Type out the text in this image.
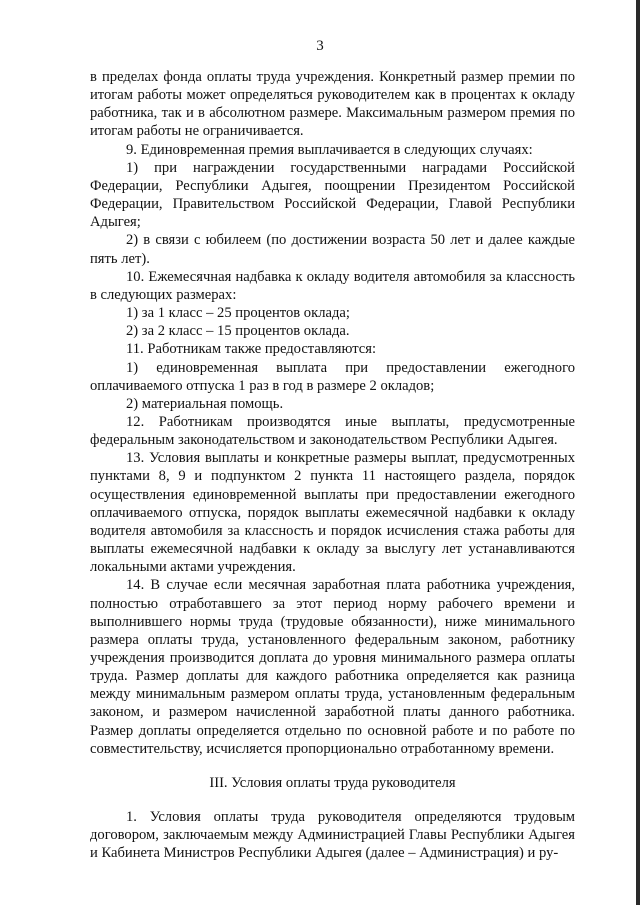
3

в пределах фонда оплаты труда учреждения. Конкретный размер премии по итогам работы может определяться руководителем как в процентах к окладу работника, так и в абсолютном размере. Максимальным размером премия по итогам работы не ограничивается.

9. Единовременная премия выплачивается в следующих случаях:

1) при награждении государственными наградами Российской Федерации, Республики Адыгея, поощрении Президентом Российской Федерации, Правительством Российской Федерации, Главой Республики Адыгея;

2) в связи с юбилеем (по достижении возраста 50 лет и далее каждые пять лет).

10. Ежемесячная надбавка к окладу водителя автомобиля за классность в следующих размерах:

1) за 1 класс – 25 процентов оклада;

2) за 2 класс – 15 процентов оклада.

11. Работникам также предоставляются:

1) единовременная выплата при предоставлении ежегодного оплачиваемого отпуска 1 раз в год в размере 2 окладов;

2) материальная помощь.

12. Работникам производятся иные выплаты, предусмотренные федеральным законодательством и законодательством Республики Адыгея.

13. Условия выплаты и конкретные размеры выплат, предусмотренных пунктами 8, 9 и подпунктом 2 пункта 11 настоящего раздела, порядок осуществления единовременной выплаты при предоставлении ежегодного оплачиваемого отпуска, порядок выплаты ежемесячной надбавки к окладу водителя автомобиля за классность и порядок исчисления стажа работы для выплаты ежемесячной надбавки к окладу за выслугу лет устанавливаются локальными актами учреждения.

14. В случае если месячная заработная плата работника учреждения, полностью отработавшего за этот период норму рабочего времени и выполнившего нормы труда (трудовые обязанности), ниже минимального размера оплаты труда, установленного федеральным законом, работнику учреждения производится доплата до уровня минимального размера оплаты труда. Размер доплаты для каждого работника определяется как разница между минимальным размером оплаты труда, установленным федеральным законом, и размером начисленной заработной платы данного работника. Размер доплаты определяется отдельно по основной работе и по работе по совместительству, исчисляется пропорционально отработанному времени.

III. Условия оплаты труда руководителя

1. Условия оплаты труда руководителя определяются трудовым договором, заключаемым между Администрацией Главы Республики Адыгея и Кабинета Министров Республики Адыгея (далее – Администрация) и ру-
